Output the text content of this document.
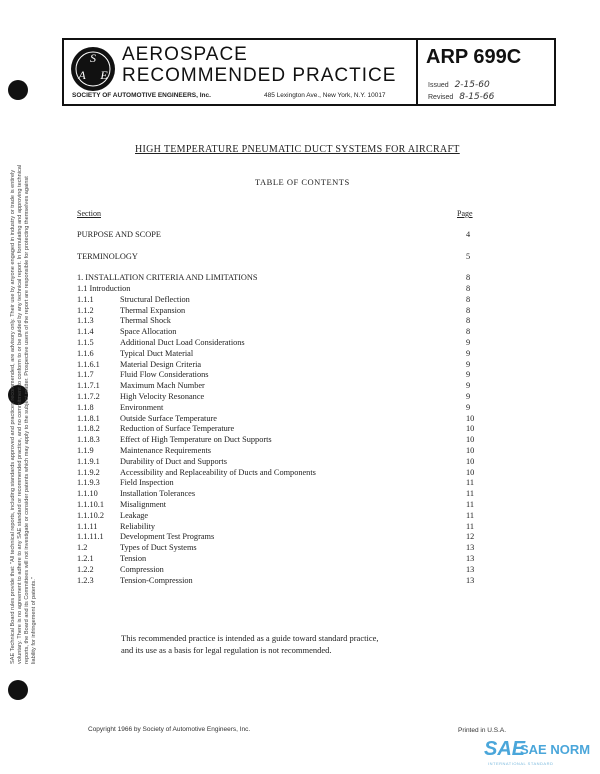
SAE Technical Board rules provide that: "All technical reports, including standards approved and practices recommended, are advisory only. Their use by anyone engaged in industry or trade is entirely voluntary. There is no agreement to adhere to any SAE standard or recommended practice, and no commitment to conform to or be guided by any technical report. In formulating and approving technical reports, the Board and its Committees will not investigate or consider patents which may apply to the subject matter. Prospective users of the report are responsible for protecting themselves against liability for infringement of patents."
S
A E
AEROSPACE
RECOMMENDED PRACTICE
SOCIETY OF AUTOMOTIVE ENGINEERS, Inc.	485 Lexington Ave., New York, N.Y. 10017
ARP 699C
Issued 2-15-60
Revised 8-15-66
HIGH TEMPERATURE PNEUMATIC DUCT SYSTEMS FOR AIRCRAFT
TABLE OF CONTENTS
Section	Page
PURPOSE AND SCOPE	4
TERMINOLOGY	5
1. INSTALLATION CRITERIA AND LIMITATIONS	8
1.1 Introduction	8
1.1.1	Structural Deflection	8
1.1.2	Thermal Expansion	8
1.1.3	Thermal Shock	8
1.1.4	Space Allocation	8
1.1.5	Additional Duct Load Considerations	9
1.1.6	Typical Duct Material	9
1.1.6.1 Material Design Criteria	9
1.1.7	Fluid Flow Considerations	9
1.1.7.1 Maximum Mach Number	9
1.1.7.2 High Velocity Resonance	9
1.1.8	Environment	9
1.1.8.1 Outside Surface Temperature	10
1.1.8.2 Reduction of Surface Temperature	10
1.1.8.3 Effect of High Temperature on Duct Supports	10
1.1.9	Maintenance Requirements	10
1.1.9.1 Durability of Duct and Supports	10
1.1.9.2 Accessibility and Replaceability of Ducts and Components	10
1.1.9.3 Field Inspection	11
1.1.10	Installation Tolerances	11
1.1.10.1 Misalignment	11
1.1.10.2 Leakage	11
1.1.11	Reliability	11
1.1.11.1 Development Test Programs	12
1.2	Types of Duct Systems	13
1.2.1	Tension	13
1.2.2	Compression	13
1.2.3	Tension-Compression	13
This recommended practice is intended as a guide toward standard practice,
and its use as a basis for legal regulation is not recommended.
Copyright 1966 by Society of Automotive Engineers, Inc.	Printed in U.S.A.
SAE
SAE NORM
INTERNATIONAL STANDARD
